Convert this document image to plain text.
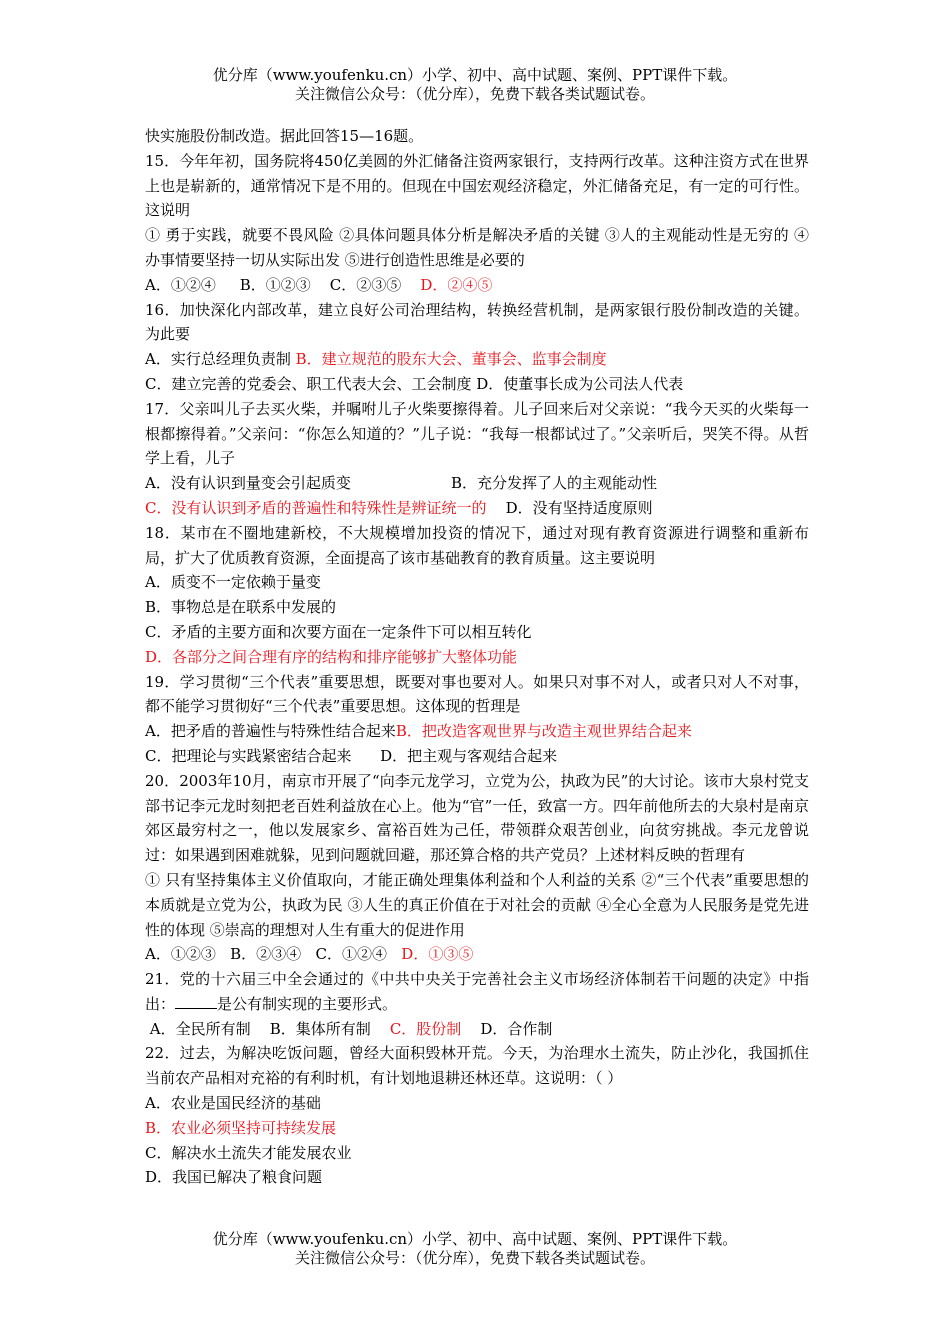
优分库（www.youfenku.cn）小学、初中、高中试题、案例、PPT课件下载。
关注微信公众号：（优分库），免费下载各类试题试卷。

快实施股份制改造。据此回答15—16题。

15．今年年初，国务院将450亿美圆的外汇储备注资两家银行，支持两行改革。这种注资方式在世界上也是崭新的，通常情况下是不用的。但现在中国宏观经济稳定，外汇储备充足，有一定的可行性。这说明

① 勇于实践，就要不畏风险 ②具体问题具体分析是解决矛盾的关键 ③人的主观能动性是无穷的 ④办事情要坚持一切从实际出发 ⑤进行创造性思维是必要的

A．①②④ B．①②③ C．②③⑤ D．②④⑤

16．加快深化内部改革，建立良好公司治理结构，转换经营机制，是两家银行股份制改造的关键。为此要

A．实行总经理负责制 B．建立规范的股东大会、董事会、监事会制度

C．建立完善的党委会、职工代表大会、工会制度 D．使董事长成为公司法人代表

17．父亲叫儿子去买火柴，并嘱咐儿子火柴要擦得着。儿子回来后对父亲说：“我今天买的火柴每一根都擦得着。”父亲问：“你怎么知道的？”儿子说：“我每一根都试过了。”父亲听后，哭笑不得。从哲学上看，儿子

A．没有认识到量变会引起质变	B．充分发挥了人的主观能动性

C．没有认识到矛盾的普遍性和特殊性是辨证统一的 D．没有坚持适度原则

18．某市在不圈地建新校，不大规模增加投资的情况下，通过对现有教育资源进行调整和重新布局，扩大了优质教育资源，全面提高了该市基础教育的教育质量。这主要说明

A．质变不一定依赖于量变

B．事物总是在联系中发展的

C．矛盾的主要方面和次要方面在一定条件下可以相互转化

D．各部分之间合理有序的结构和排序能够扩大整体功能

19．学习贯彻“三个代表”重要思想，既要对事也要对人。如果只对事不对人，或者只对人不对事，都不能学习贯彻好“三个代表”重要思想。这体现的哲理是

A．把矛盾的普遍性与特殊性结合起来B．把改造客观世界与改造主观世界结合起来

C．把理论与实践紧密结合起来 D．把主观与客观结合起来

20．2003年10月，南京市开展了“向李元龙学习，立党为公，执政为民”的大讨论。该市大泉村党支部书记李元龙时刻把老百姓利益放在心上。他为“官”一任，致富一方。四年前他所去的大泉村是南京郊区最穷村之一，他以发展家乡、富裕百姓为己任，带领群众艰苦创业，向贫穷挑战。李元龙曾说过：如果遇到困难就躲，见到问题就回避，那还算合格的共产党员？上述材料反映的哲理有

① 只有坚持集体主义价值取向，才能正确处理集体利益和个人利益的关系 ②“三个代表”重要思想的本质就是立党为公，执政为民 ③人生的真正价值在于对社会的贡献 ④全心全意为人民服务是党先进性的体现 ⑤崇高的理想对人生有重大的促进作用

A．①②③ B．②③④ C．①②④ D．①③⑤

21．党的十六届三中全会通过的《中共中央关于完善社会主义市场经济体制若干问题的决定》中指出：	是公有制实现的主要形式。

A．全民所有制 B．集体所有制 C．股份制 D．合作制

22．过去，为解决吃饭问题，曾经大面积毁林开荒。今天，为治理水土流失，防止沙化，我国抓住当前农产品相对充裕的有利时机，有计划地退耕还林还草。这说明：（ ）

A．农业是国民经济的基础

B．农业必须坚持可持续发展

C．解决水土流失才能发展农业

D．我国已解决了粮食问题

优分库（www.youfenku.cn）小学、初中、高中试题、案例、PPT课件下载。
关注微信公众号：（优分库），免费下载各类试题试卷。
